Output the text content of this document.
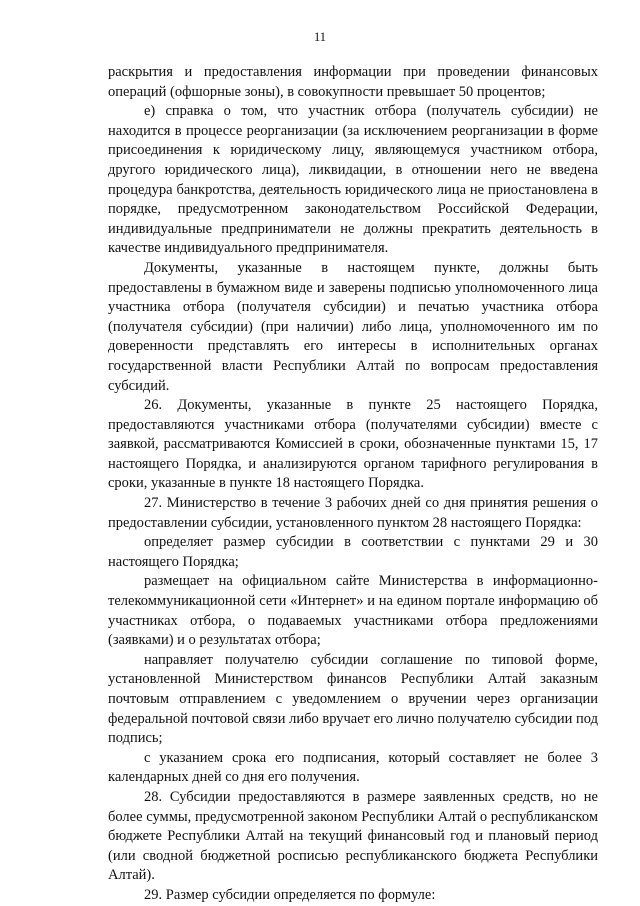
11

раскрытия и предоставления информации при проведении финансовых операций (офшорные зоны), в совокупности превышает 50 процентов;

е) справка о том, что участник отбора (получатель субсидии) не находится в процессе реорганизации (за исключением реорганизации в форме присоединения к юридическому лицу, являющемуся участником отбора, другого юридического лица), ликвидации, в отношении него не введена процедура банкротства, деятельность юридического лица не приостановлена в порядке, предусмотренном законодательством Российской Федерации, индивидуальные предприниматели не должны прекратить деятельность в качестве индивидуального предпринимателя.

Документы, указанные в настоящем пункте, должны быть предоставлены в бумажном виде и заверены подписью уполномоченного лица участника отбора (получателя субсидии) и печатью участника отбора (получателя субсидии) (при наличии) либо лица, уполномоченного им по доверенности представлять его интересы в исполнительных органах государственной власти Республики Алтай по вопросам предоставления субсидий.

26. Документы, указанные в пункте 25 настоящего Порядка, предоставляются участниками отбора (получателями субсидии) вместе с заявкой, рассматриваются Комиссией в сроки, обозначенные пунктами 15, 17 настоящего Порядка, и анализируются органом тарифного регулирования в сроки, указанные в пункте 18 настоящего Порядка.

27. Министерство в течение 3 рабочих дней со дня принятия решения о предоставлении субсидии, установленного пунктом 28 настоящего Порядка:

определяет размер субсидии в соответствии с пунктами 29 и 30 настоящего Порядка;

размещает на официальном сайте Министерства в информационно-телекоммуникационной сети «Интернет» и на едином портале информацию об участниках отбора, о подаваемых участниками отбора предложениями (заявками) и о результатах отбора;

направляет получателю субсидии соглашение по типовой форме, установленной Министерством финансов Республики Алтай заказным почтовым отправлением с уведомлением о вручении через организации федеральной почтовой связи либо вручает его лично получателю субсидии под подпись;

с указанием срока его подписания, который составляет не более 3 календарных дней со дня его получения.

28. Субсидии предоставляются в размере заявленных средств, но не более суммы, предусмотренной законом Республики Алтай о республиканском бюджете Республики Алтай на текущий финансовый год и плановый период (или сводной бюджетной росписью республиканского бюджета Республики Алтай).

29. Размер субсидии определяется по формуле:
